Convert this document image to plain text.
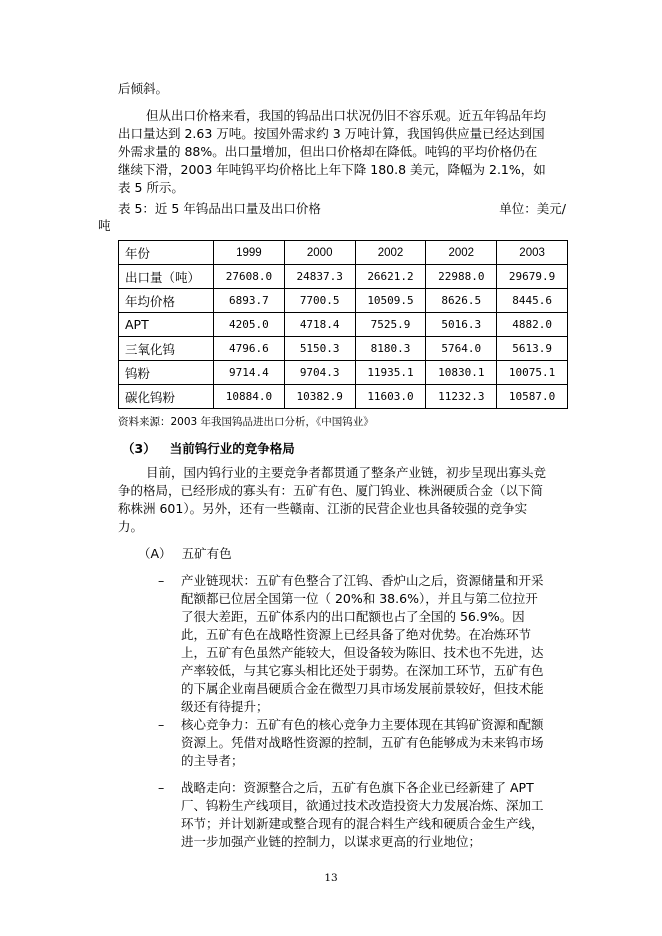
后倾斜。

但从出口价格来看，我国的钨品出口状况仍旧不容乐观。近五年钨品年均出口量达到 2.63 万吨。按国外需求约 3 万吨计算，我国钨供应量已经达到国外需求量的 88%。出口量增加，但出口价格却在降低。吨钨的平均价格仍在继续下滑，2003 年吨钨平均价格比上年下降 180.8 美元，降幅为 2.1%，如表 5 所示。

表 5：近 5 年钨品出口量及出口价格	单位：美元/
吨
年份	1999	2000	2002	2002	2003
出口量（吨）	27608.0	24837.3	26621.2	22988.0	29679.9
年均价格	6893.7	7700.5	10509.5	8626.5	8445.6
APT	4205.0	4718.4	7525.9	5016.3	4882.0
三氧化钨	4796.6	5150.3	8180.3	5764.0	5613.9
钨粉	9714.4	9704.3	11935.1	10830.1	10075.1
碳化钨粉	10884.0	10382.9	11603.0	11232.3	10587.0
资料来源：2003 年我国钨品进出口分析，《中国钨业》
（3） 当前钨行业的竞争格局

目前，国内钨行业的主要竞争者都贯通了整条产业链，初步呈现出寡头竞争的格局，已经形成的寡头有：五矿有色、厦门钨业、株洲硬质合金（以下简称株洲 601）。另外，还有一些赣南、江浙的民营企业也具备较强的竞争实力。

（A） 五矿有色
– 产业链现状：五矿有色整合了江钨、香炉山之后，资源储量和开采配额都已位居全国第一位（ 20%和 38.6%），并且与第二位拉开了很大差距，五矿体系内的出口配额也占了全国的 56.9%。因此，五矿有色在战略性资源上已经具备了绝对优势。在冶炼环节上，五矿有色虽然产能较大，但设备较为陈旧、技术也不先进，达产率较低，与其它寡头相比还处于弱势。在深加工环节，五矿有色的下属企业南昌硬质合金在微型刀具市场发展前景较好，但技术能级还有待提升；

– 核心竞争力：五矿有色的核心竞争力主要体现在其钨矿资源和配额资源上。凭借对战略性资源的控制，五矿有色能够成为未来钨市场的主导者；

– 战略走向：资源整合之后，五矿有色旗下各企业已经新建了 APT 厂、钨粉生产线项目，欲通过技术改造投资大力发展冶炼、深加工环节；并计划新建或整合现有的混合料生产线和硬质合金生产线，进一步加强产业链的控制力，以谋求更高的行业地位；

13
